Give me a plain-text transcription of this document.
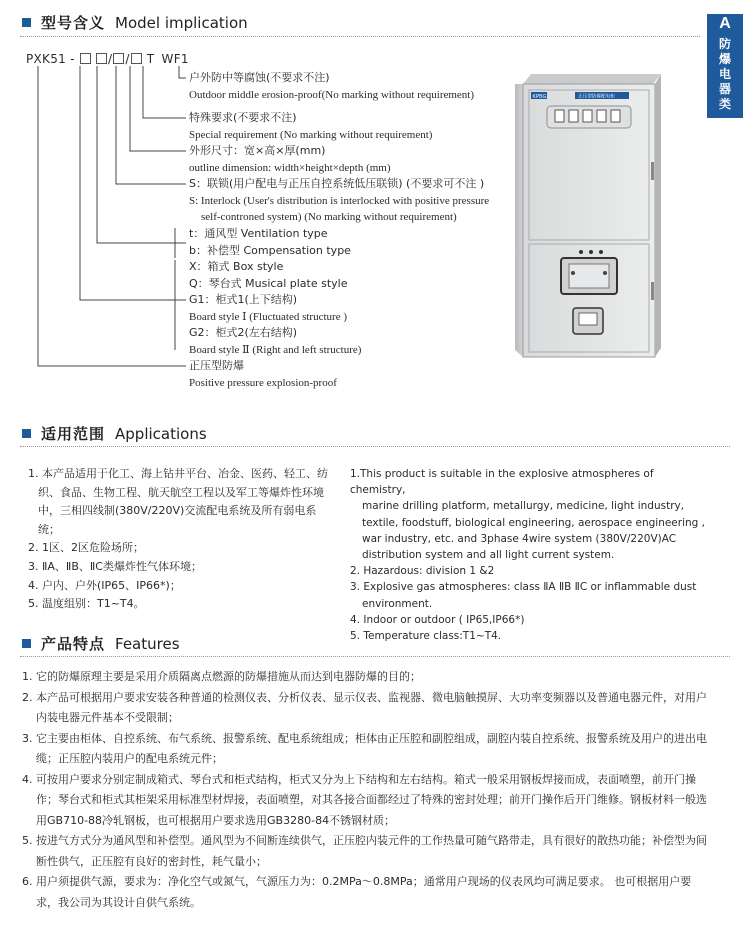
A
防
爆
电
器
类
型号含义 Model implication
PXK51 -	/ / T WF1
户外防中等腐蚀(不要求不注)
Outdoor middle erosion-proof(No marking without requirement)
特殊要求(不要求不注)
Special requirement (No marking without requirement)
外形尺寸：宽×高×厚(mm)
outline dimension: width×height×depth (mm)
S：联锁(用户配电与正压自控系统低压联锁) (不要求可不注 )
S: Interlock (User's distribution is interlocked with positive pressure
self-controned system) (No marking without requirement)
t：通风型 Ventilation type
b：补偿型 Compensation type
X：箱式 Box style
Q：琴台式 Musical plate style
G1：柜式1(上下结构)
Board style Ⅰ (Fluctuated structure )
G2：柜式2(左右结构)
Board style Ⅱ (Right and left structure)
正压型防爆
Positive pressure explosion-proof
KPBG	正压型防爆配电柜
适用范围 Applications
1. 本产品适用于化工、海上钻井平台、冶金、医药、轻工、纺
织、食品、生物工程、航天航空工程以及军工等爆炸性环境
中，三相四线制(380V/220V)交流配电系统及所有弱电系统；
2. 1区、2区危险场所；
3. ⅡA、ⅡB、ⅡC类爆炸性气体环境；
4. 户内、户外(IP65、IP66*)；
5. 温度组别：T1~T4。
1.This product is suitable in the explosive atmospheres of chemistry,
marine drilling platform, metallurgy, medicine, light industry,
textile, foodstuff, biological engineering, aerospace engineering ,
war industry, etc. and 3phase 4wire system (380V/220V)AC
distribution system and all light current system.
2. Hazardous: division 1 &2
3. Explosive gas atmospheres: class ⅡA ⅡB ⅡC or inflammable dust
environment.
4. Indoor or outdoor ( IP65,IP66*)
5. Temperature class:T1~T4.
产品特点 Features

1. 它的防爆原理主要是采用介质隔离点燃源的防爆措施从而达到电器防爆的目的；

2. 本产品可根据用户要求安装各种普通的检测仪表、分析仪表、显示仪表、监视器、微电脑触摸屏、大功率变频器以及普通电器元件，对用户内装电器元件基本不受限制；

3. 它主要由柜体、自控系统、布气系统、报警系统、配电系统组成；柜体由正压腔和副腔组成，副腔内装自控系统、报警系统及用户的进出电缆；正压腔内装用户的配电系统元件；

4. 可按用户要求分别定制成箱式、琴台式和柜式结构，柜式又分为上下结构和左右结构。箱式一般采用钢板焊接而成，表面喷塑，前开门操作；琴台式和柜式其柜架采用标准型材焊接，表面喷塑，对其各接合面都经过了特殊的密封处理；前开门操作后开门维修。钢板材料一般选用GB710-88冷轧钢板，也可根据用户要求选用GB3280-84不锈钢材质；

5. 按进气方式分为通风型和补偿型。通风型为不间断连续供气，正压腔内装元件的工作热量可随气路带走，具有很好的散热功能；补偿型为间断性供气，正压腔有良好的密封性，耗气量小；

6. 用户须提供气源，要求为：净化空气或氮气，气源压力为：0.2MPa～0.8MPa；通常用户现场的仪表风均可满足要求。 也可根据用户要求，我公司为其设计自供气系统。
